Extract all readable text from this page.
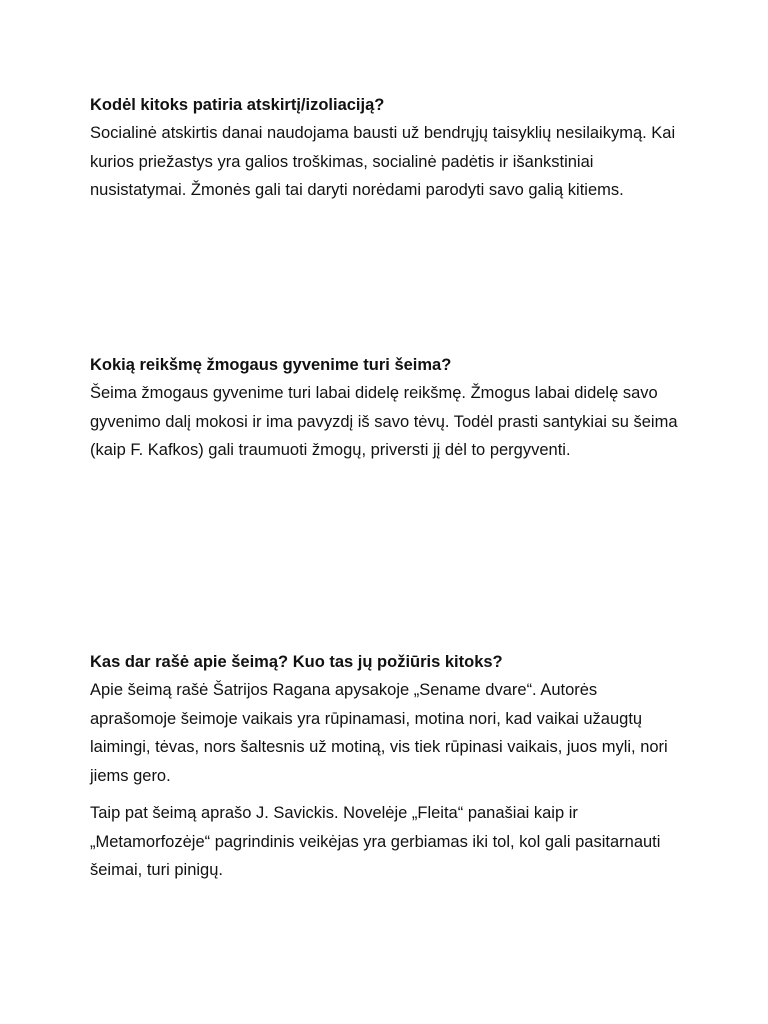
Kodėl kitoks patiria atskirtį/izoliaciją?

Socialinė atskirtis danai naudojama bausti už bendrųjų taisyklių nesilaikymą. Kai kurios priežastys yra galios troškimas, socialinė padėtis ir išankstiniai nusistatymai. Žmonės gali tai daryti norėdami parodyti savo galią kitiems.

Kokią reikšmę žmogaus gyvenime turi šeima?

Šeima žmogaus gyvenime turi labai didelę reikšmę. Žmogus labai didelę savo gyvenimo dalį mokosi ir ima pavyzdį iš savo tėvų. Todėl prasti santykiai su šeima (kaip F. Kafkos) gali traumuoti žmogų, priversti jį dėl to pergyventi.

Kas dar rašė apie šeimą? Kuo tas jų požiūris kitoks?

Apie šeimą rašė Šatrijos Ragana apysakoje „Sename dvare“. Autorės aprašomoje šeimoje vaikais yra rūpinamasi, motina nori, kad vaikai užaugtų laimingi, tėvas, nors šaltesnis už motiną, vis tiek rūpinasi vaikais, juos myli, nori jiems gero.

Taip pat šeimą aprašo J. Savickis. Novelėje „Fleita“ panašiai kaip ir „Metamorfozėje“ pagrindinis veikėjas yra gerbiamas iki tol, kol gali pasitarnauti šeimai, turi pinigų.
